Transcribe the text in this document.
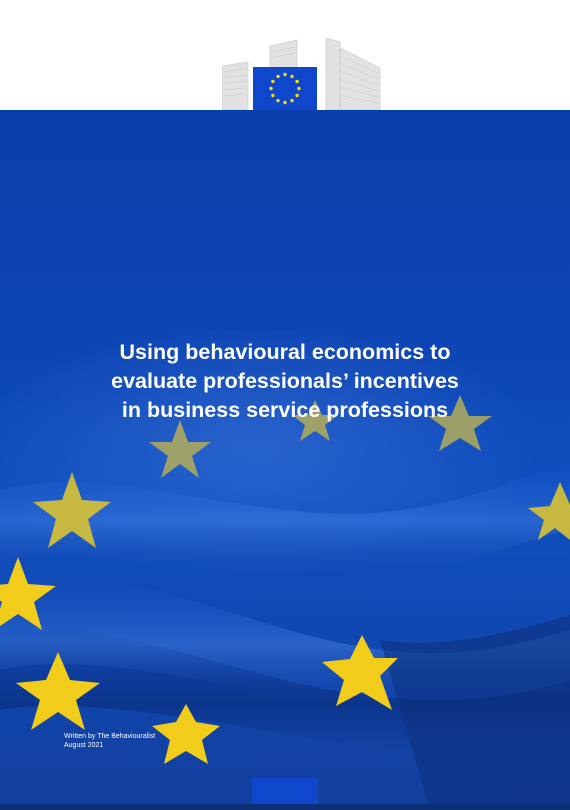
Using behavioural economics to
evaluate professionals’ incentives
in business service professions
Written by The Behaviouralist
August 2021
